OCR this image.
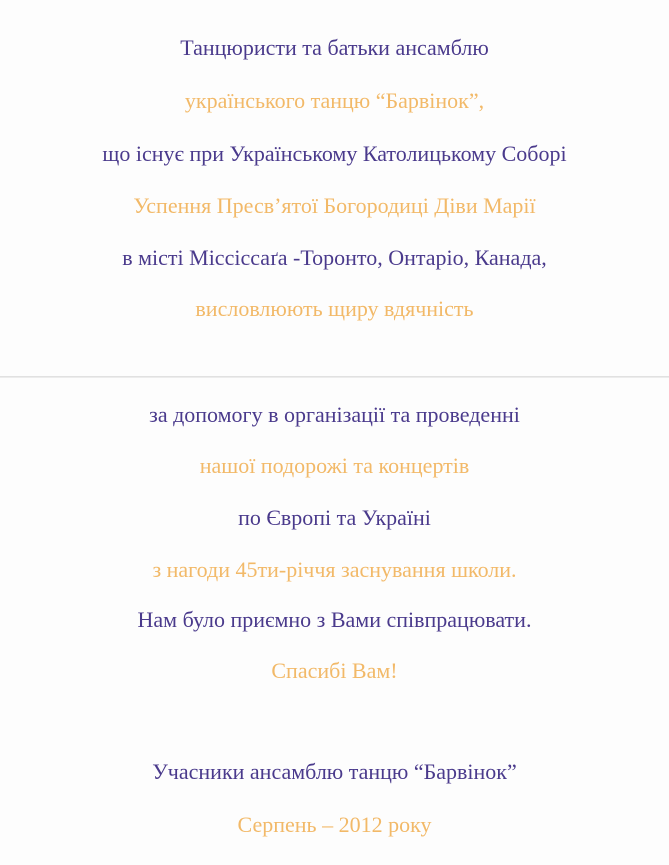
Танцюристи та батьки ансамблю
українського танцю “Барвінок”,
що існує при Українському Католицькому Соборі
Успення Пресв’ятої Богородиці Діви Марії
в місті Міссіссаґа -Торонто, Онтаріо, Канада,
висловлюють щиру вдячність
за допомогу в організації та проведенні
нашої подорожі та концертів
по Європі та Україні
з нагоди 45ти-річчя заснування школи.
Нам було приємно з Вами співпрацювати.
Спасибі Вам!
Учасники ансамблю танцю “Барвінок”
Серпень – 2012 року
